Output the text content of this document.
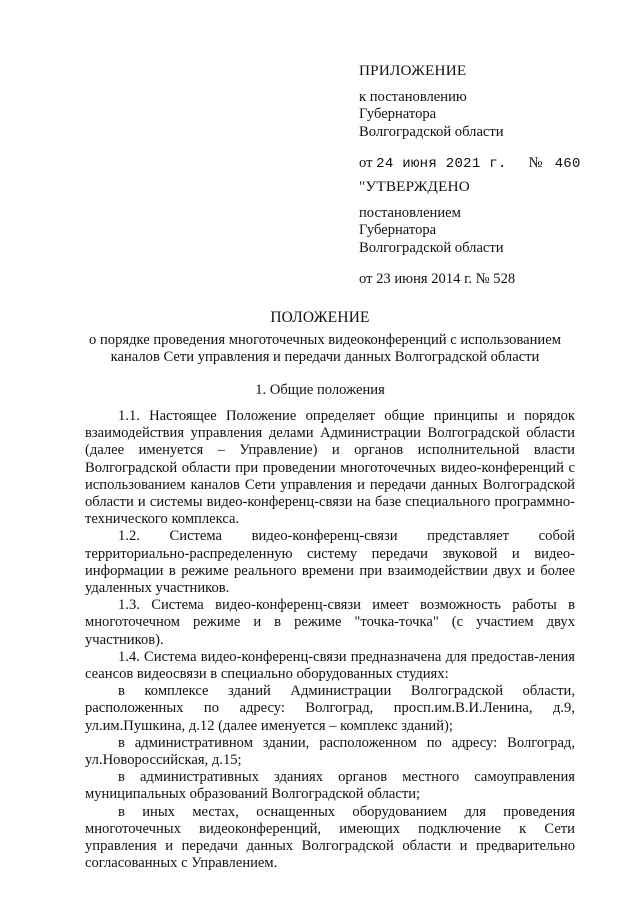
ПРИЛОЖЕНИЕ
к постановлению
Губернатора
Волгоградской области
от 24 июня 2021 г. № 460
"УТВЕРЖДЕНО
постановлением
Губернатора
Волгоградской области
от 23 июня 2014 г. № 528
ПОЛОЖЕНИЕ
о порядке проведения многоточечных видеоконференций с использованием
каналов Сети управления и передачи данных Волгоградской области
1. Общие положения

1.1. Настоящее Положение определяет общие принципы и порядок взаимодействия управления делами Администрации Волгоградской области (далее именуется – Управление) и органов исполнительной власти Волгоградской области при проведении многоточечных видео-конференций с использованием каналов Сети управления и передачи данных Волгоградской области и системы видео-конференц-связи на базе специального программно-технического комплекса.

1.2. Система видео-конференц-связи представляет собой территориально-распределенную систему передачи звуковой и видео-информации в режиме реального времени при взаимодействии двух и более удаленных участников.

1.3. Система видео-конференц-связи имеет возможность работы в многоточечном режиме и в режиме "точка-точка" (с участием двух участников).

1.4. Система видео-конференц-связи предназначена для предостав-ления сеансов видеосвязи в специально оборудованных студиях:

в комплексе зданий Администрации Волгоградской области, расположенных по адресу: Волгоград, просп.им.В.И.Ленина, д.9, ул.им.Пушкина, д.12 (далее именуется – комплекс зданий);

в административном здании, расположенном по адресу: Волгоград, ул.Новороссийская, д.15;

в административных зданиях органов местного самоуправления муниципальных образований Волгоградской области;

в иных местах, оснащенных оборудованием для проведения многоточечных видеоконференций, имеющих подключение к Сети управления и передачи данных Волгоградской области и предварительно согласованных с Управлением.
